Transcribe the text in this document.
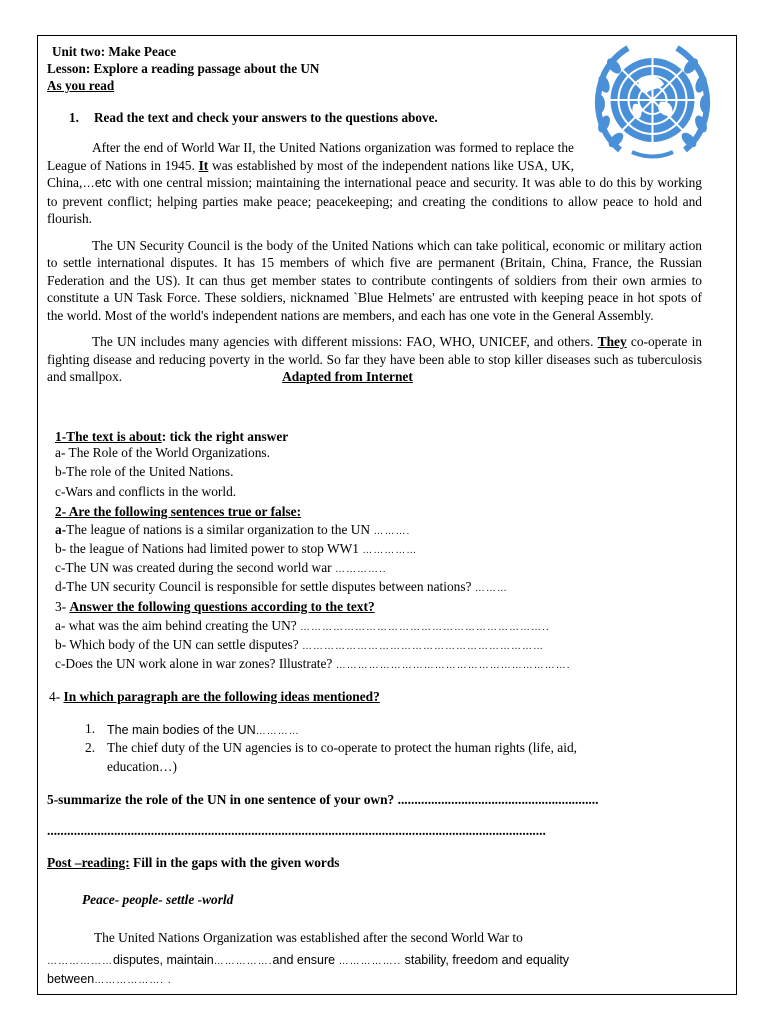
Unit two: Make Peace
Lesson: Explore a reading passage about the UN
As you read
1. Read the text and check your answers to the questions above.

After the end of World War II, the United Nations organization was formed to replace the League of Nations in 1945. It was established by most of the independent nations like USA, UK, China,…etc with one central mission; maintaining the international peace and security. It was able to do this by working to prevent conflict; helping parties make peace; peacekeeping; and creating the conditions to allow peace to hold and flourish.

The UN Security Council is the body of the United Nations which can take political, economic or military action to settle international disputes. It has 15 members of which five are permanent (Britain, China, France, the Russian Federation and the US). It can thus get member states to contribute contingents of soldiers from their own armies to constitute a UN Task Force. These soldiers, nicknamed `Blue Helmets' are entrusted with keeping peace in hot spots of the world. Most of the world's independent nations are members, and each has one vote in the General Assembly.

The UN includes many agencies with different missions: FAO, WHO, UNICEF, and others. They co-operate in fighting disease and reducing poverty in the world. So far they have been able to stop killer diseases such as tuberculosis and smallpox.	Adapted from Internet

1-The text is about: tick the right answer
a- The Role of the World Organizations.
b-The role of the United Nations.
c-Wars and conflicts in the world.
2- Are the following sentences true or false:
a-The league of nations is a similar organization to the UN ……….
b- the league of Nations had limited power to stop WW1 ……………
c-The UN was created during the second world war …………..
d-The UN security Council is responsible for settle disputes between nations? ………
3- Answer the following questions according to the text?
a- what was the aim behind creating the UN? …………………………………………………………..
b- Which body of the UN can settle disputes? …………………………………………………………
c-Does the UN work alone in war zones? Illustrate? ……………………………………………………….
4- In which paragraph are the following ideas mentioned?
1. The main bodies of the UN…………
2. The chief duty of the UN agencies is to co-operate to protect the human rights (life, aid,
education…)
5-summarize the role of the UN in one sentence of your own? ............................................................
.....................................................................................................................................................
Post –reading: Fill in the gaps with the given words
Peace- people- settle -world
The United Nations Organization was established after the second World War to
………………disputes, maintain…………….and ensure …………….. stability, freedom and equality
between………………. .
